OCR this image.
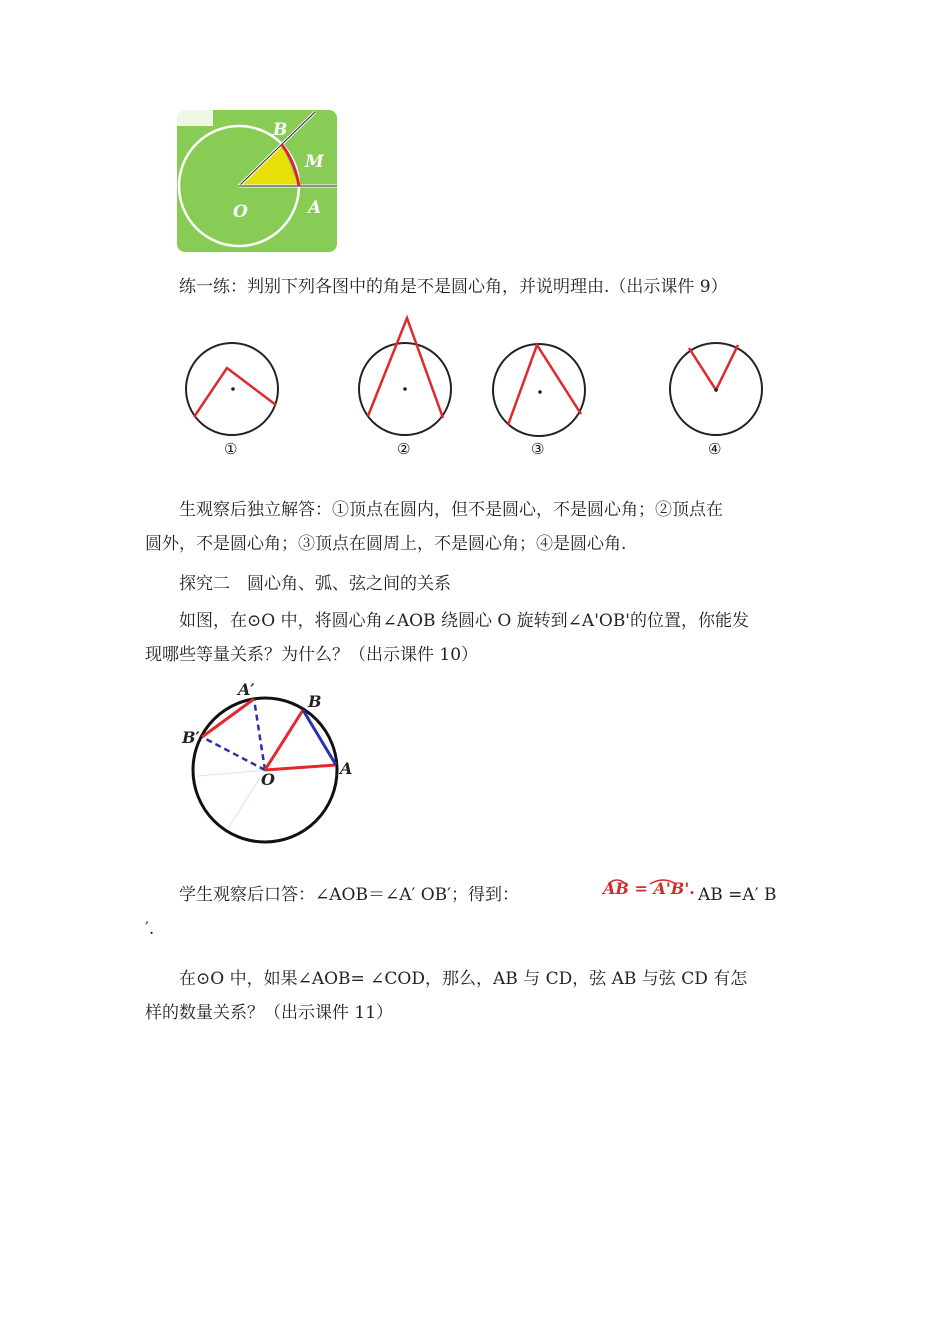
B
M
O	A
练一练：判别下列各图中的角是不是圆心角，并说明理由.（出示课件 9）
①	②	③	④
生观察后独立解答：①顶点在圆内，但不是圆心，不是圆心角；②顶点在
圆外，不是圆心角；③顶点在圆周上，不是圆心角；④是圆心角.
探究二　圆心角、弧、弦之间的关系
如图，在⊙O 中，将圆心角∠AOB 绕圆心 O 旋转到∠A'OB'的位置，你能发
现哪些等量关系？为什么？（出示课件 10）
A′
B
B′
O
A
学生观察后口答：∠AOB＝∠A′ OB′；得到：	AB = A'B'. AB =A′ B
′.
在⊙O 中，如果∠AOB= ∠COD，那么，AB 与 CD，弦 AB 与弦 CD 有怎
样的数量关系？（出示课件 11）
